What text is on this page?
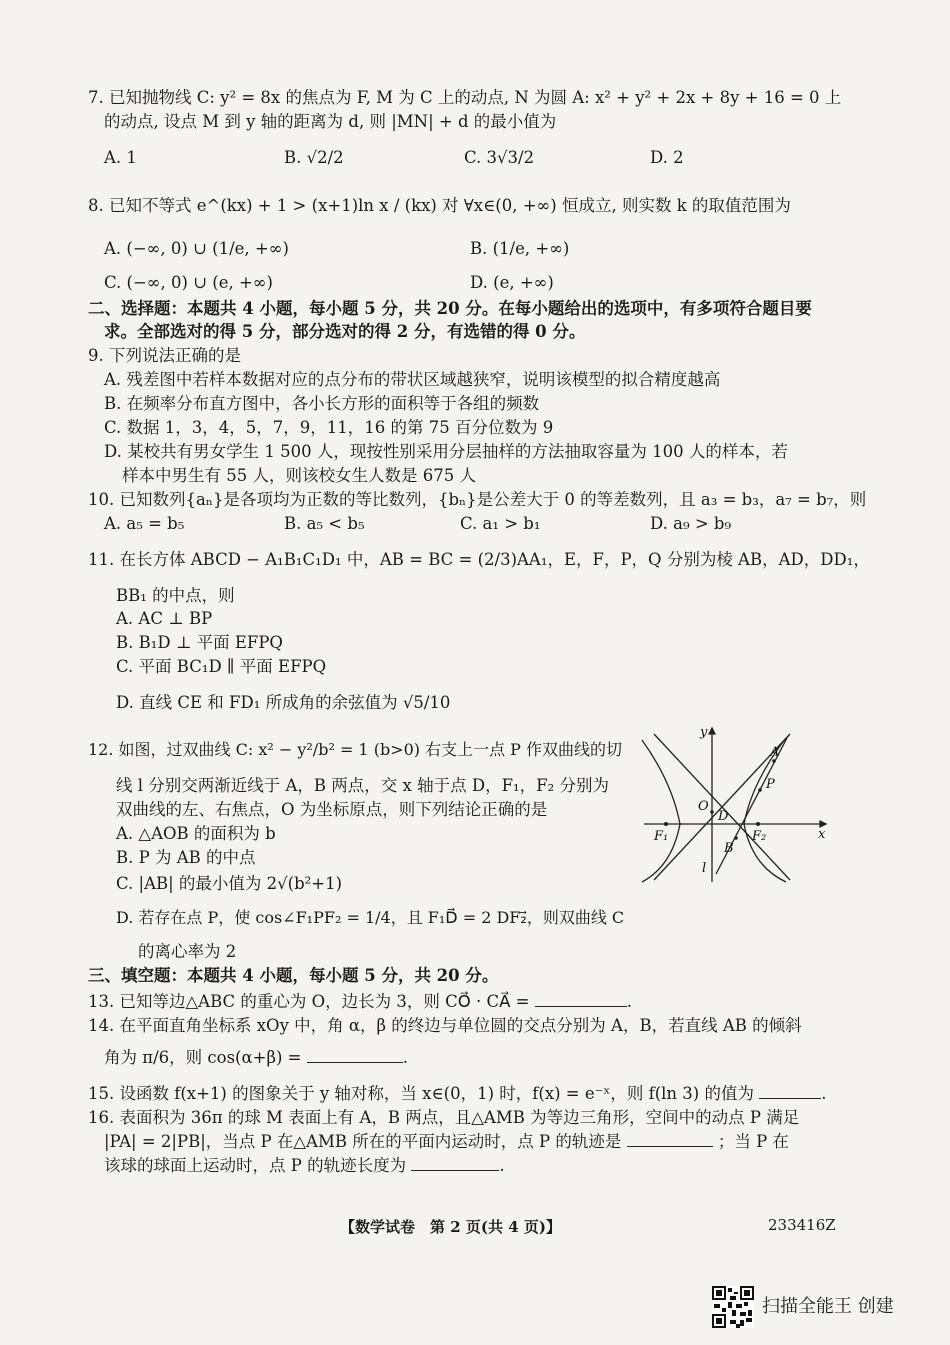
7. 已知抛物线 C: y² = 8x 的焦点为 F, M 为 C 上的动点, N 为圆 A: x² + y² + 2x + 8y + 16 = 0 上
的动点, 设点 M 到 y 轴的距离为 d, 则 |MN| + d 的最小值为
A. 1	B. √2/2	C. 3√3/2	D. 2
8. 已知不等式 e^(kx) + 1 > (x+1)ln x / (kx) 对 ∀x∈(0, +∞) 恒成立, 则实数 k 的取值范围为
A. (−∞, 0) ∪ (1/e, +∞)	B. (1/e, +∞)
C. (−∞, 0) ∪ (e, +∞)	D. (e, +∞)
二、选择题：本题共 4 小题，每小题 5 分，共 20 分。在每小题给出的选项中，有多项符合题目要
求。全部选对的得 5 分，部分选对的得 2 分，有选错的得 0 分。
9. 下列说法正确的是
A. 残差图中若样本数据对应的点分布的带状区域越狭窄，说明该模型的拟合精度越高
B. 在频率分布直方图中，各小长方形的面积等于各组的频数
C. 数据 1，3，4，5，7，9，11，16 的第 75 百分位数为 9
D. 某校共有男女学生 1 500 人，现按性别采用分层抽样的方法抽取容量为 100 人的样本，若
样本中男生有 55 人，则该校女生人数是 675 人
10. 已知数列{aₙ}是各项均为正数的等比数列，{bₙ}是公差大于 0 的等差数列，且 a₃ = b₃，a₇ = b₇，则
A. a₅ = b₅	B. a₅ < b₅	C. a₁ > b₁	D. a₉ > b₉
11. 在长方体 ABCD − A₁B₁C₁D₁ 中，AB = BC = (2/3)AA₁，E，F，P，Q 分别为棱 AB，AD，DD₁，
BB₁ 的中点，则
A. AC ⊥ BP
B. B₁D ⊥ 平面 EFPQ
C. 平面 BC₁D ∥ 平面 EFPQ
D. 直线 CE 和 FD₁ 所成角的余弦值为 √5/10
12. 如图，过双曲线 C: x² − y²/b² = 1 (b>0) 右支上一点 P 作双曲线的切
线 l 分别交两渐近线于 A，B 两点，交 x 轴于点 D，F₁，F₂ 分别为
双曲线的左、右焦点，O 为坐标原点，则下列结论正确的是
A. △AOB 的面积为 b
B. P 为 AB 的中点
C. |AB| 的最小值为 2√(b²+1)
D. 若存在点 P，使 cos∠F₁PF₂ = 1/4，且 F₁D⃗ = 2 DF₂⃗，则双曲线 C
的离心率为 2
y
x
A
P
O
D
F₁	F₂
B
l
三、填空题：本题共 4 小题，每小题 5 分，共 20 分。
13. 已知等边△ABC 的重心为 O，边长为 3，则 CO⃗ · CA⃗ =	.
14. 在平面直角坐标系 xOy 中，角 α，β 的终边与单位圆的交点分别为 A，B，若直线 AB 的倾斜
角为 π/6，则 cos(α+β) =	.
15. 设函数 f(x+1) 的图象关于 y 轴对称，当 x∈(0，1) 时，f(x) = e⁻ˣ，则 f(ln 3) 的值为	.
16. 表面积为 36π 的球 M 表面上有 A，B 两点，且△AMB 为等边三角形，空间中的动点 P 满足
|PA| = 2|PB|，当点 P 在△AMB 所在的平面内运动时，点 P 的轨迹是	；当 P 在
该球的球面上运动时，点 P 的轨迹长度为	.
【数学试卷　第 2 页(共 4 页)】	233416Z
扫描全能王 创建
